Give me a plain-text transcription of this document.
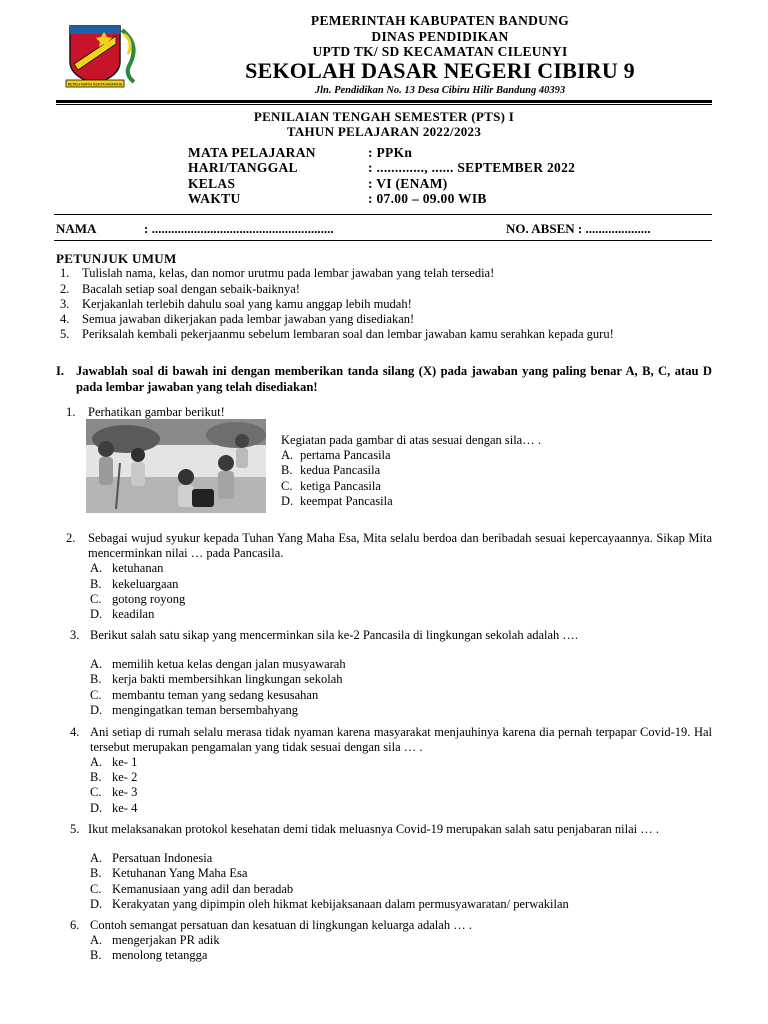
REPEH RAPIH KERTA RAHARJA
PEMERINTAH KABUPATEN BANDUNG
DINAS PENDIDIKAN
UPTD TK/ SD KECAMATAN CILEUNYI
SEKOLAH DASAR NEGERI CIBIRU 9
Jln. Pendidikan No. 13 Desa Cibiru Hilir Bandung 40393
PENILAIAN TENGAH SEMESTER (PTS) I
TAHUN PELAJARAN 2022/2023
MATA PELAJARAN	: PPKn
HARI/TANGGAL	: ............., ...... SEPTEMBER 2022
KELAS	: VI (ENAM)
WAKTU	: 07.00 – 09.00 WIB
NAMA	: ........................................................	NO. ABSEN : ....................
PETUNJUK UMUM
1. Tulislah nama, kelas, dan nomor urutmu pada lembar jawaban yang telah tersedia!
2. Bacalah setiap soal dengan sebaik-baiknya!
3. Kerjakanlah terlebih dahulu soal yang kamu anggap lebih mudah!
4. Semua jawaban dikerjakan pada lembar jawaban yang disediakan!
5. Periksalah kembali pekerjaanmu sebelum lembaran soal dan lembar jawaban kamu serahkan kepada guru!
I. Jawablah soal di bawah ini dengan memberikan tanda silang (X) pada jawaban yang paling benar A, B, C, atau D pada lembar jawaban yang telah disediakan!
1. Perhatikan gambar berikut!
Kegiatan pada gambar di atas sesuai dengan sila… .
A. pertama Pancasila
B. kedua Pancasila
C. ketiga Pancasila
D. keempat Pancasila
2. Sebagai wujud syukur kepada Tuhan Yang Maha Esa, Mita selalu berdoa dan beribadah sesuai kepercayaannya. Sikap Mita mencerminkan nilai … pada Pancasila.
A. ketuhanan
B. kekeluargaan
C. gotong royong
D. keadilan
3. Berikut salah satu sikap yang mencerminkan sila ke-2 Pancasila di lingkungan sekolah adalah ….
A. memilih ketua kelas dengan jalan musyawarah
B. kerja bakti membersihkan lingkungan sekolah
C. membantu teman yang sedang kesusahan
D. mengingatkan teman bersembahyang
4. Ani setiap di rumah selalu merasa tidak nyaman karena masyarakat menjauhinya karena dia pernah terpapar Covid-19. Hal tersebut merupakan pengamalan yang tidak sesuai dengan sila … .
A. ke- 1
B. ke- 2
C. ke- 3
D. ke- 4
5. Ikut melaksanakan protokol kesehatan demi tidak meluasnya Covid-19 merupakan salah satu penjabaran nilai … .
A. Persatuan Indonesia
B. Ketuhanan Yang Maha Esa
C. Kemanusiaan yang adil dan beradab
D. Kerakyatan yang dipimpin oleh hikmat kebijaksanaan dalam permusyawaratan/ perwakilan
6. Contoh semangat persatuan dan kesatuan di lingkungan keluarga adalah … .
A. mengerjakan PR adik
B. menolong tetangga
